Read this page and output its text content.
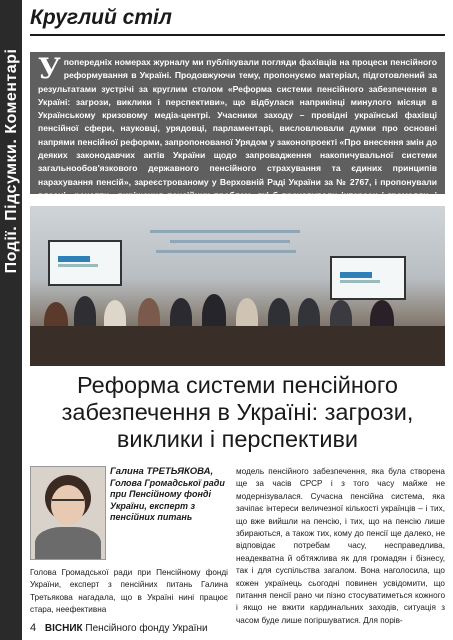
Події. Підсумки. Коментарі
Круглий стіл
Упопередніх номерах журналу ми публікували погляди фахівців на процеси пенсійного реформування в Україні. Продовжуючи тему, пропонуємо матеріал, підготовлений за результатами зустрічі за круглим столом «Реформа системи пенсійного забезпечення в Україні: загрози, виклики і перспективи», що відбулася наприкінці минулого місяця в Українському кризовому медіа-центрі. Учасники заходу – провідні українські фахівці пенсійної сфери, науковці, урядовці, парламентарі, висловлювали думки про основні напрями пенсійної реформи, запропонованої Урядом у законопроекті «Про внесення змін до деяких законодавчих актів України щодо запровадження накопичувальної системи загальнообов'язкового державного пенсійного страхування та єдиних принципів нарахування пенсій», зареєстрованому у Верховній Раді України за № 2767, і пропонували власні «рецепти» вирішення пенсійних проблем, які б враховували інтереси і громадян, і
Реформа системи пенсійного забезпечення в Україні: загрози, виклики і перспективи
Галина ТРЕТЬЯКОВА,
Голова Громадської ради при Пенсійному фонді України, експерт з пенсійних питань
Голова Громадської ради при Пенсійному фонді України, експерт з пенсійних питань Галина Третьякова нагадала, що в Україні нині працює стара, неефективна
модель пенсійного забезпечення, яка була створена ще за часів СРСР і з того часу майже не модернізувалася. Сучасна пенсійна система, яка зачіпає інтереси величезної кількості українців – і тих, що вже вийшли на пенсію, і тих, що на пенсію лише збираються, а також тих, кому до пенсії ще далеко, не відповідає потребам часу, несправедлива, неадекватна й обтяжлива як для громадян і бізнесу, так і для суспільства загалом. Вона наголосила, що кожен українець сьогодні повинен усвідомити, що питання пенсії рано чи пізно стосуватиметься кожного і якщо не вжити кардинальних заходів, ситуація з часом буде лише погіршуватися. Для порів-
4 ВІСНИК Пенсійного фонду України
